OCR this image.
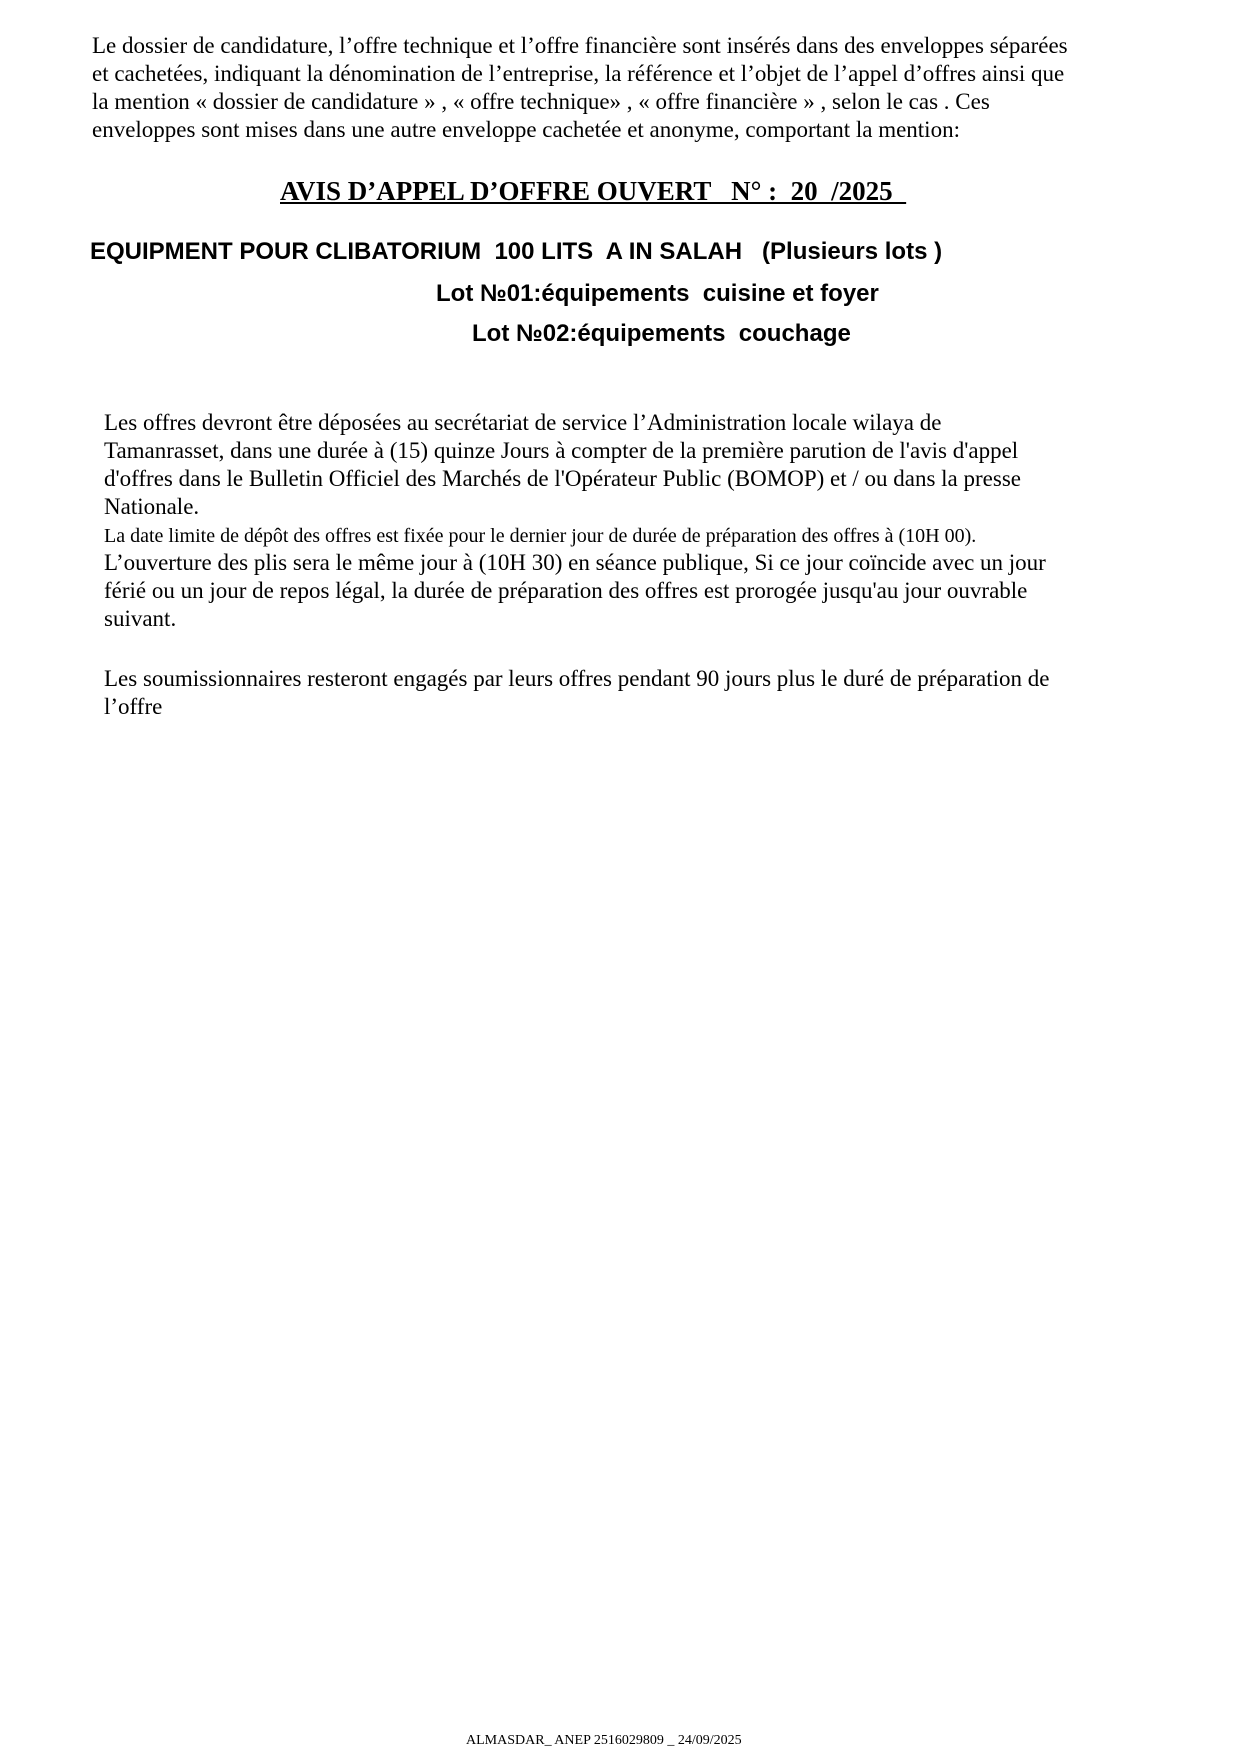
Le dossier de candidature, l’offre technique et l’offre financière sont insérés dans des enveloppes séparées
et cachetées, indiquant la dénomination de l’entreprise, la référence et l’objet de l’appel d’offres ainsi que
la mention « dossier de candidature » , « offre technique» , « offre financière » , selon le cas . Ces
enveloppes sont mises dans une autre enveloppe cachetée et anonyme, comportant la mention:
AVIS D’APPEL D’OFFRE OUVERT   N° :  20  /2025
EQUIPMENT POUR CLIBATORIUM  100 LITS  A IN SALAH   (Plusieurs lots )
Lot №01:équipements  cuisine et foyer
Lot №02:équipements  couchage
Les offres devront être déposées au secrétariat de service l’Administration locale wilaya de
Tamanrasset, dans une durée à (15) quinze Jours à compter de la première parution de l'avis d'appel
d'offres dans le Bulletin Officiel des Marchés de l'Opérateur Public (BOMOP) et / ou dans la presse
Nationale.
La date limite de dépôt des offres est fixée pour le dernier jour de durée de préparation des offres à (10H 00).
L’ouverture des plis sera le même jour à (10H 30) en séance publique, Si ce jour coïncide avec un jour
férié ou un jour de repos légal, la durée de préparation des offres est prorogée jusqu'au jour ouvrable
suivant.
Les soumissionnaires resteront engagés par leurs offres pendant 90 jours plus le duré de préparation de
l’offre
ALMASDAR_ ANEP 2516029809 _ 24/09/2025
